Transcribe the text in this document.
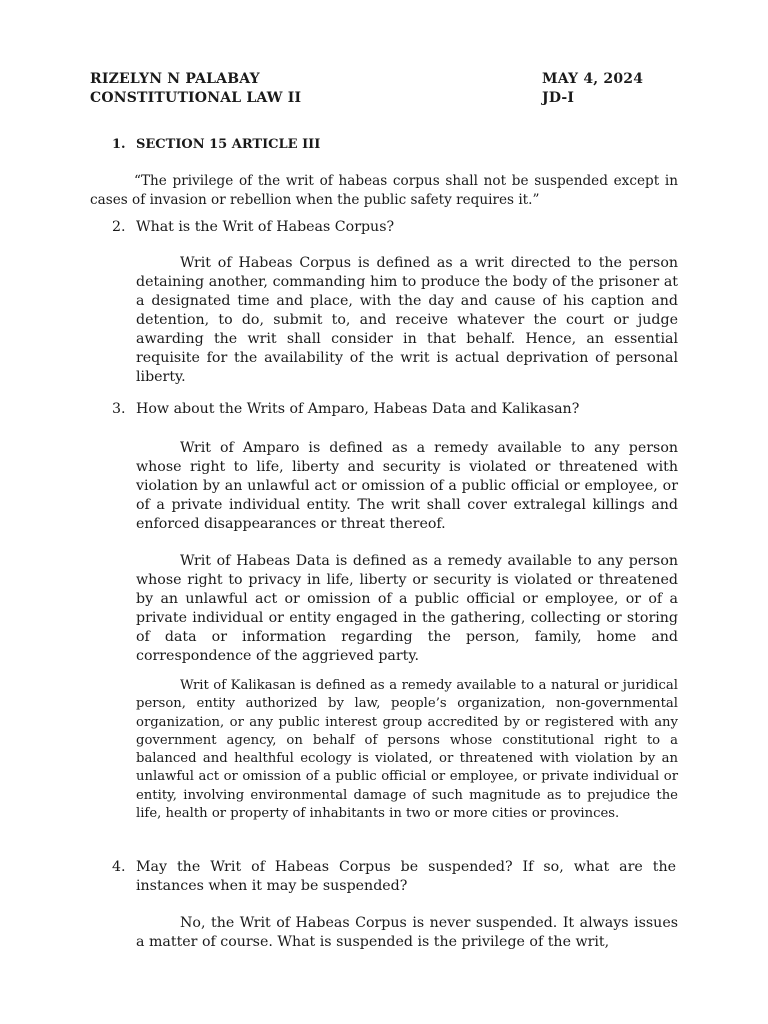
RIZELYN N PALABAY	MAY 4, 2024
CONSTITUTIONAL LAW II	JD-I
1. SECTION 15 ARTICLE III
“The privilege of the writ of habeas corpus shall not be suspended except in cases of invasion or rebellion when the public safety requires it.”
2. What is the Writ of Habeas Corpus?
Writ of Habeas Corpus is defined as a writ directed to the person detaining another, commanding him to produce the body of the prisoner at a designated time and place, with the day and cause of his caption and detention, to do, submit to, and receive whatever the court or judge awarding the writ shall consider in that behalf. Hence, an essential requisite for the availability of the writ is actual deprivation of personal liberty.
3. How about the Writs of Amparo, Habeas Data and Kalikasan?
Writ of Amparo is defined as a remedy available to any person whose right to life, liberty and security is violated or threatened with violation by an unlawful act or omission of a public official or employee, or of a private individual entity. The writ shall cover extralegal killings and enforced disappearances or threat thereof.
Writ of Habeas Data is defined as a remedy available to any person whose right to privacy in life, liberty or security is violated or threatened by an unlawful act or omission of a public official or employee, or of a private individual or entity engaged in the gathering, collecting or storing of data or information regarding the person, family, home and correspondence of the aggrieved party.
Writ of Kalikasan is defined as a remedy available to a natural or juridical person, entity authorized by law, people’s organization, non-governmental organization, or any public interest group accredited by or registered with any government agency, on behalf of persons whose constitutional right to a balanced and healthful ecology is violated, or threatened with violation by an unlawful act or omission of a public official or employee, or private individual or entity, involving environmental damage of such magnitude as to prejudice the life, health or property of inhabitants in two or more cities or provinces.
4. May the Writ of Habeas Corpus be suspended? If so, what are the instances when it may be suspended?
No, the Writ of Habeas Corpus is never suspended. It always issues a matter of course. What is suspended is the privilege of the writ,
